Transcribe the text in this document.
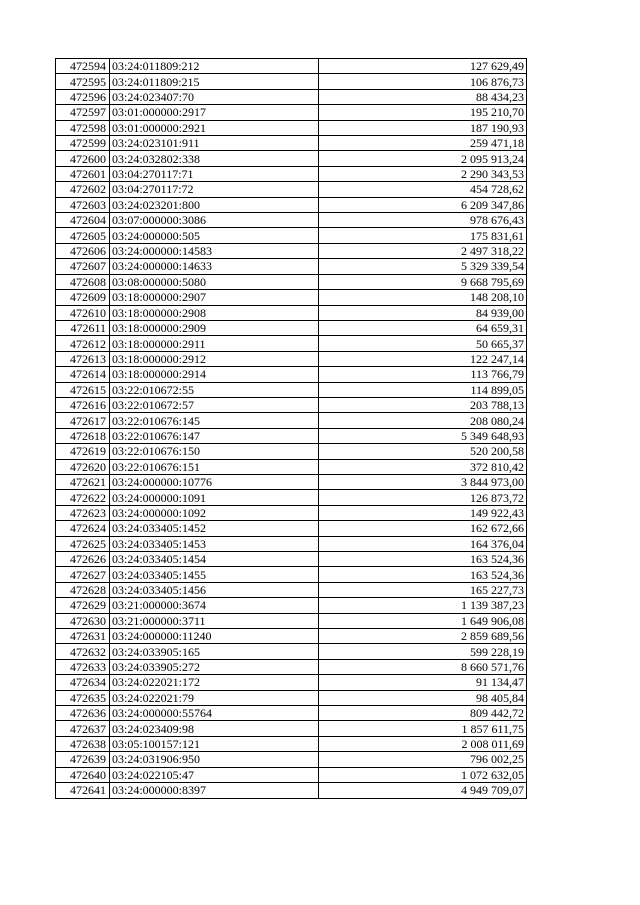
472594	03:24:011809:212	127 629,49
472595	03:24:011809:215	106 876,73
472596	03:24:023407:70	88 434,23
472597	03:01:000000:2917	195 210,70
472598	03:01:000000:2921	187 190,93
472599	03:24:023101:911	259 471,18
472600	03:24:032802:338	2 095 913,24
472601	03:04:270117:71	2 290 343,53
472602	03:04:270117:72	454 728,62
472603	03:24:023201:800	6 209 347,86
472604	03:07:000000:3086	978 676,43
472605	03:24:000000:505	175 831,61
472606	03:24:000000:14583	2 497 318,22
472607	03:24:000000:14633	5 329 339,54
472608	03:08:000000:5080	9 668 795,69
472609	03:18:000000:2907	148 208,10
472610	03:18:000000:2908	84 939,00
472611	03:18:000000:2909	64 659,31
472612	03:18:000000:2911	50 665,37
472613	03:18:000000:2912	122 247,14
472614	03:18:000000:2914	113 766,79
472615	03:22:010672:55	114 899,05
472616	03:22:010672:57	203 788,13
472617	03:22:010676:145	208 080,24
472618	03:22:010676:147	5 349 648,93
472619	03:22:010676:150	520 200,58
472620	03:22:010676:151	372 810,42
472621	03:24:000000:10776	3 844 973,00
472622	03:24:000000:1091	126 873,72
472623	03:24:000000:1092	149 922,43
472624	03:24:033405:1452	162 672,66
472625	03:24:033405:1453	164 376,04
472626	03:24:033405:1454	163 524,36
472627	03:24:033405:1455	163 524,36
472628	03:24:033405:1456	165 227,73
472629	03:21:000000:3674	1 139 387,23
472630	03:21:000000:3711	1 649 906,08
472631	03:24:000000:11240	2 859 689,56
472632	03:24:033905:165	599 228,19
472633	03:24:033905:272	8 660 571,76
472634	03:24:022021:172	91 134,47
472635	03:24:022021:79	98 405,84
472636	03:24:000000:55764	809 442,72
472637	03:24:023409:98	1 857 611,75
472638	03:05:100157:121	2 008 011,69
472639	03:24:031906:950	796 002,25
472640	03:24:022105:47	1 072 632,05
472641	03:24:000000:8397	4 949 709,07
